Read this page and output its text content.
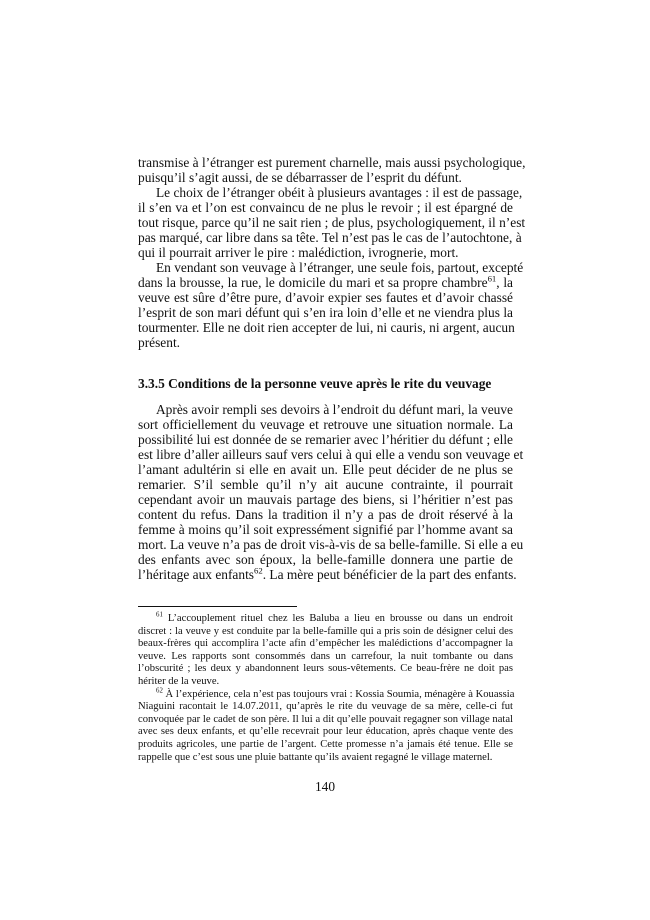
transmise à l’étranger est purement charnelle, mais aussi psychologique,
puisqu’il s’agit aussi, de se débarrasser de l’esprit du défunt.
Le choix de l’étranger obéit à plusieurs avantages : il est de passage,
il s’en va et l’on est convaincu de ne plus le revoir ; il est épargné de
tout risque, parce qu’il ne sait rien ; de plus, psychologiquement, il n’est
pas marqué, car libre dans sa tête. Tel n’est pas le cas de l’autochtone, à
qui il pourrait arriver le pire : malédiction, ivrognerie, mort.
En vendant son veuvage à l’étranger, une seule fois, partout, excepté
dans la brousse, la rue, le domicile du mari et sa propre chambre$^{61}$, la
veuve est sûre d’être pure, d’avoir expier ses fautes et d’avoir chassé
l’esprit de son mari défunt qui s’en ira loin d’elle et ne viendra plus la
tourmenter. Elle ne doit rien accepter de lui, ni cauris, ni argent, aucun
présent.
3.3.5 Conditions de la personne veuve après le rite du veuvage
Après avoir rempli ses devoirs à l’endroit du défunt mari, la veuve
sort officiellement du veuvage et retrouve une situation normale. La
possibilité lui est donnée de se remarier avec l’héritier du défunt ; elle
est libre d’aller ailleurs sauf vers celui à qui elle a vendu son veuvage et
l’amant adultérin si elle en avait un. Elle peut décider de ne plus se
remarier. S’il semble qu’il n’y ait aucune contrainte, il pourrait
cependant avoir un mauvais partage des biens, si l’héritier n’est pas
content du refus. Dans la tradition il n’y a pas de droit réservé à la
femme à moins qu’il soit expressément signifié par l’homme avant sa
mort. La veuve n’a pas de droit vis-à-vis de sa belle-famille. Si elle a eu
des enfants avec son époux, la belle-famille donnera une partie de
l’héritage aux enfants$^{62}$. La mère peut bénéficier de la part des enfants.
$^{61}$ L’accouplement rituel chez les Baluba a lieu en brousse ou dans un endroit
discret : la veuve y est conduite par la belle-famille qui a pris soin de désigner celui des
beaux-frères qui accomplira l’acte afin d’empêcher les malédictions d’accompagner la
veuve. Les rapports sont consommés dans un carrefour, la nuit tombante ou dans
l’obscurité ; les deux y abandonnent leurs sous-vêtements. Ce beau-frère ne doit pas
hériter de la veuve.
$^{62}$ À l’expérience, cela n’est pas toujours vrai : Kossia Soumia, ménagère à Kouassia
Niaguini racontait le 14.07.2011, qu’après le rite du veuvage de sa mère, celle-ci fut
convoquée par le cadet de son père. Il lui a dit qu’elle pouvait regagner son village natal
avec ses deux enfants, et qu’elle recevrait pour leur éducation, après chaque vente des
produits agricoles, une partie de l’argent. Cette promesse n’a jamais été tenue. Elle se
rappelle que c’est sous une pluie battante qu’ils avaient regagné le village maternel.
140
